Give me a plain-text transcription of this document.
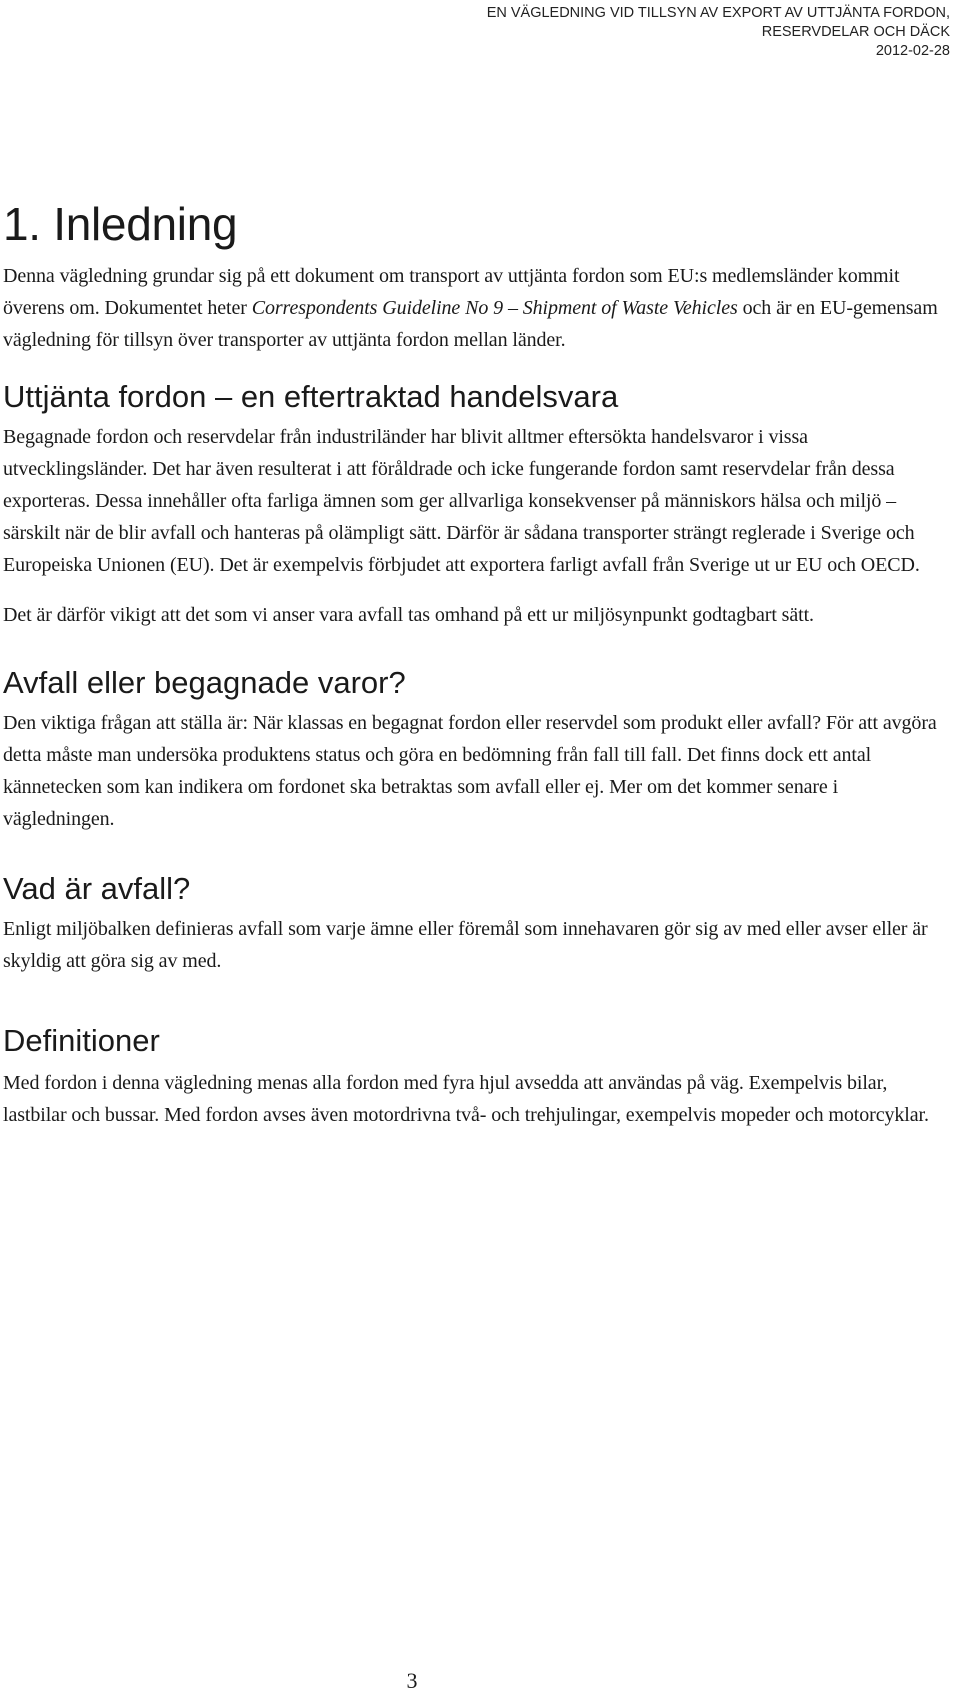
EN VÄGLEDNING VID TILLSYN AV EXPORT AV UTTJÄNTA FORDON,
RESERVDELAR OCH DÄCK
2012-02-28
1. Inledning

Denna vägledning grundar sig på ett dokument om transport av uttjänta fordon som EU:s medlemsländer kommit överens om. Dokumentet heter Correspondents Guideline No 9 – Shipment of Waste Vehicles och är en EU-gemensam vägledning för tillsyn över transporter av uttjänta fordon mellan länder.

Uttjänta fordon – en eftertraktad handelsvara

Begagnade fordon och reservdelar från industriländer har blivit alltmer eftersökta handelsvaror i vissa utvecklingsländer. Det har även resulterat i att föråldrade och icke fungerande fordon samt reservdelar från dessa exporteras. Dessa innehåller ofta farliga ämnen som ger allvarliga konsekvenser på människors hälsa och miljö – särskilt när de blir avfall och hanteras på olämpligt sätt. Därför är sådana transporter strängt reglerade i Sverige och Europeiska Unionen (EU). Det är exempelvis förbjudet att exportera farligt avfall från Sverige ut ur EU och OECD.

Det är därför vikigt att det som vi anser vara avfall tas omhand på ett ur miljösynpunkt godtagbart sätt.

Avfall eller begagnade varor?

Den viktiga frågan att ställa är: När klassas en begagnat fordon eller reservdel som produkt eller avfall? För att avgöra detta måste man undersöka produktens status och göra en bedömning från fall till fall. Det finns dock ett antal kännetecken som kan indikera om fordonet ska betraktas som avfall eller ej. Mer om det kommer senare i vägledningen.

Vad är avfall?

Enligt miljöbalken definieras avfall som varje ämne eller föremål som innehavaren gör sig av med eller avser eller är skyldig att göra sig av med.

Definitioner

Med fordon i denna vägledning menas alla fordon med fyra hjul avsedda att användas på väg. Exempelvis bilar, lastbilar och bussar. Med fordon avses även motordrivna två- och trehjulingar, exempelvis mopeder och motorcyklar.

3
